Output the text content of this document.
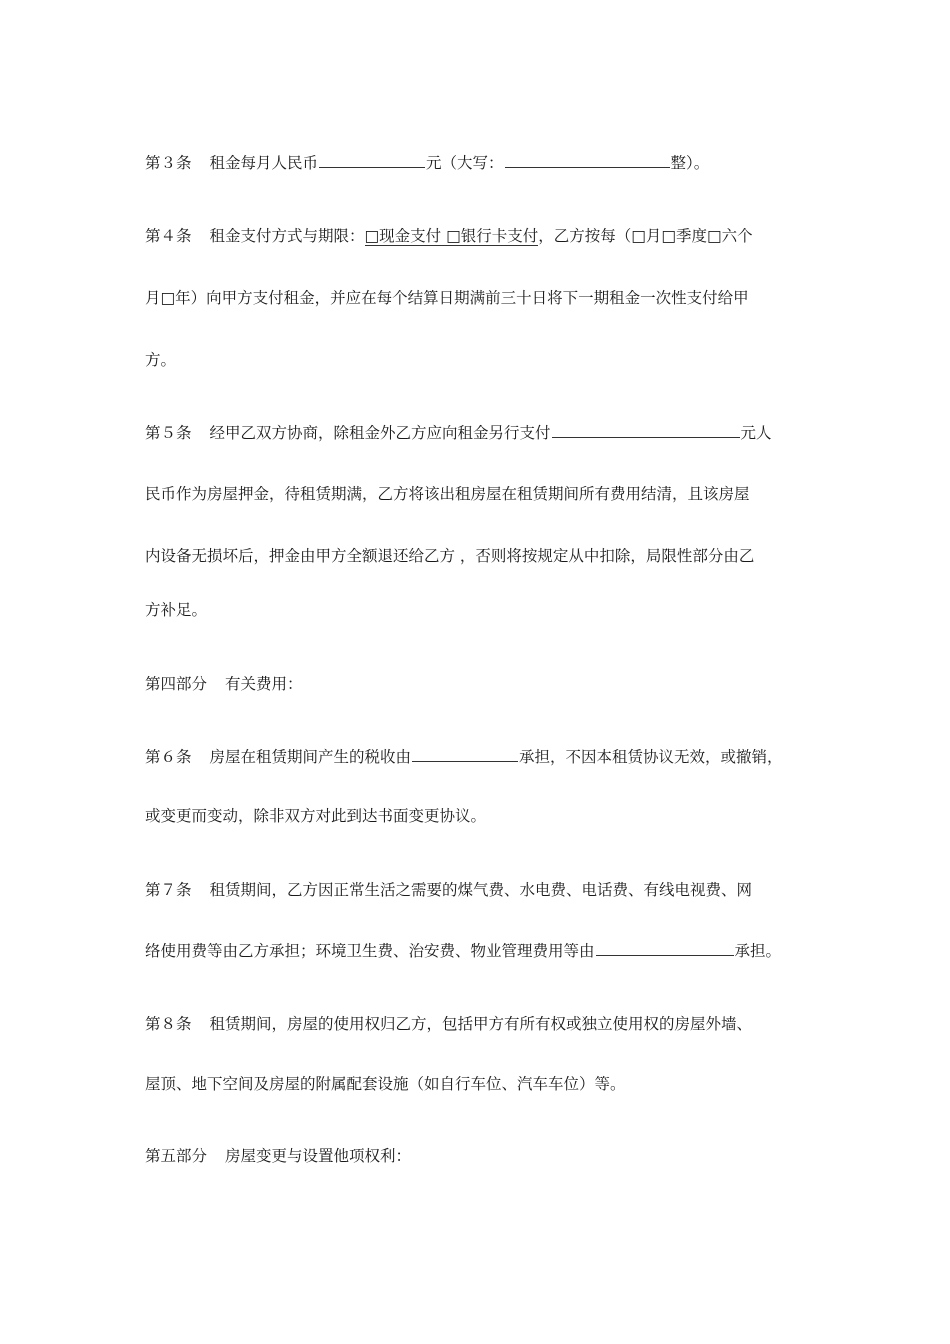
第３条 租金每月人民币	元（大写：	整）。
第４条 租金支付方式与期限：□现金支付 □银行卡支付，乙方按每（□月□季度□六个
月□年）向甲方支付租金，并应在每个结算日期满前三十日将下一期租金一次性支付给甲
方。
第５条 经甲乙双方协商，除租金外乙方应向租金另行支付	元人
民币作为房屋押金，待租赁期满，乙方将该出租房屋在租赁期间所有费用结清，且该房屋
内设备无损坏后，押金由甲方全额退还给乙方 ，否则将按规定从中扣除，局限性部分由乙
方补足。
第四部分 有关费用：
第６条 房屋在租赁期间产生的税收由	承担，不因本租赁协议无效，或撤销，
或变更而变动，除非双方对此到达书面变更协议。
第７条 租赁期间，乙方因正常生活之需要的煤气费、水电费、电话费、有线电视费、网
络使用费等由乙方承担；环境卫生费、治安费、物业管理费用等由	承担。
第８条 租赁期间，房屋的使用权归乙方，包括甲方有所有权或独立使用权的房屋外墙、
屋顶、地下空间及房屋的附属配套设施（如自行车位、汽车车位）等。
第五部分 房屋变更与设置他项权利：
